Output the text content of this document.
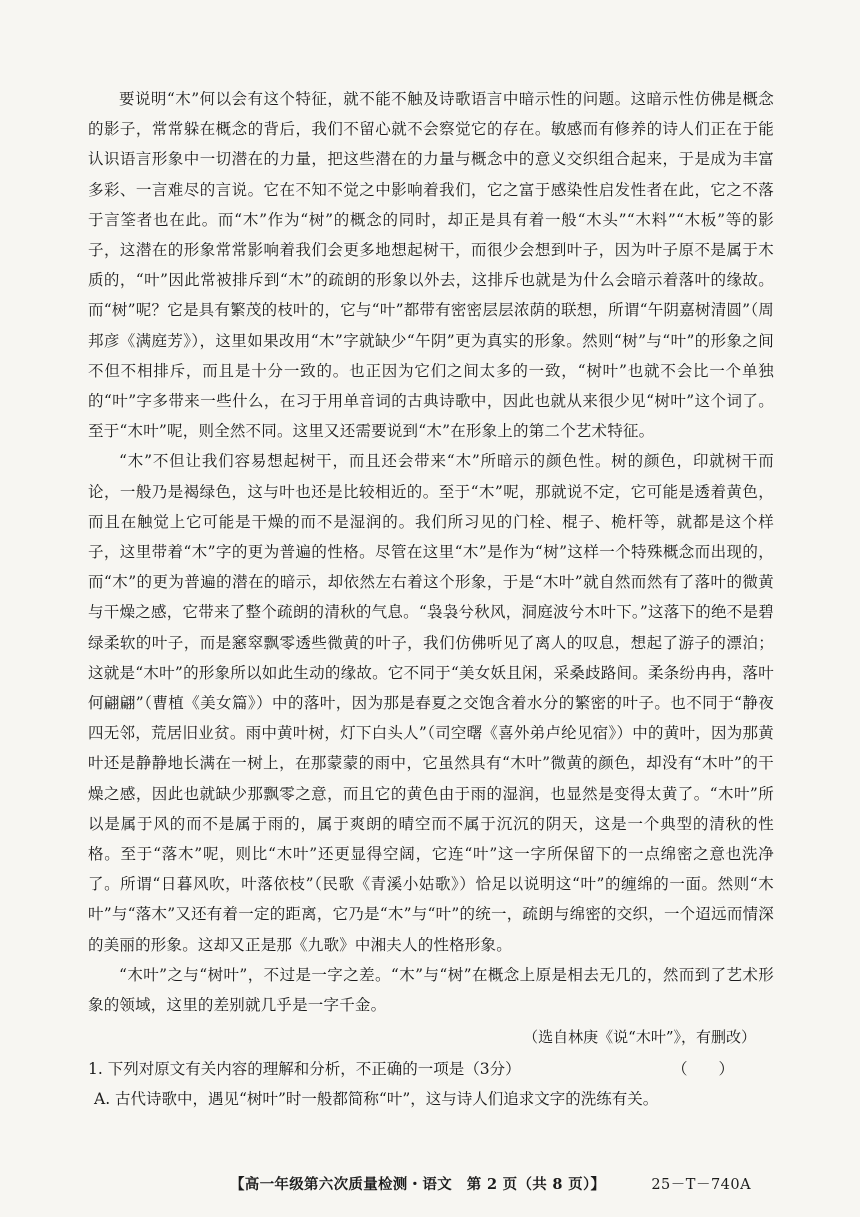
要说明“木”何以会有这个特征，就不能不触及诗歌语言中暗示性的问题。这暗示性仿佛是概念的影子，常常躲在概念的背后，我们不留心就不会察觉它的存在。敏感而有修养的诗人们正在于能认识语言形象中一切潜在的力量，把这些潜在的力量与概念中的意义交织组合起来，于是成为丰富多彩、一言难尽的言说。它在不知不觉之中影响着我们，它之富于感染性启发性者在此，它之不落于言筌者也在此。而“木”作为“树”的概念的同时，却正是具有着一般“木头”“木料”“木板”等的影子，这潜在的形象常常影响着我们会更多地想起树干，而很少会想到叶子，因为叶子原不是属于木质的，“叶”因此常被排斥到“木”的疏朗的形象以外去，这排斥也就是为什么会暗示着落叶的缘故。而“树”呢？它是具有繁茂的枝叶的，它与“叶”都带有密密层层浓荫的联想，所谓“午阴嘉树清圆”（周邦彦《满庭芳》），这里如果改用“木”字就缺少“午阴”更为真实的形象。然则“树”与“叶”的形象之间不但不相排斥，而且是十分一致的。也正因为它们之间太多的一致，“树叶”也就不会比一个单独的“叶”字多带来一些什么，在习于用单音词的古典诗歌中，因此也就从来很少见“树叶”这个词了。至于“木叶”呢，则全然不同。这里又还需要说到“木”在形象上的第二个艺术特征。

“木”不但让我们容易想起树干，而且还会带来“木”所暗示的颜色性。树的颜色，印就树干而论，一般乃是褐绿色，这与叶也还是比较相近的。至于“木”呢，那就说不定，它可能是透着黄色，而且在触觉上它可能是干燥的而不是湿润的。我们所习见的门栓、棍子、桅杆等，就都是这个样子，这里带着“木”字的更为普遍的性格。尽管在这里“木”是作为“树”这样一个特殊概念而出现的，而“木”的更为普遍的潜在的暗示，却依然左右着这个形象，于是“木叶”就自然而然有了落叶的微黄与干燥之感，它带来了整个疏朗的清秋的气息。“袅袅兮秋风，洞庭波兮木叶下。”这落下的绝不是碧绿柔软的叶子，而是窸窣飘零透些微黄的叶子，我们仿佛听见了离人的叹息，想起了游子的漂泊；这就是“木叶”的形象所以如此生动的缘故。它不同于“美女妖且闲，采桑歧路间。柔条纷冉冉，落叶何翩翩”（曹植《美女篇》）中的落叶，因为那是春夏之交饱含着水分的繁密的叶子。也不同于“静夜四无邻，荒居旧业贫。雨中黄叶树，灯下白头人”（司空曙《喜外弟卢纶见宿》）中的黄叶，因为那黄叶还是静静地长满在一树上，在那蒙蒙的雨中，它虽然具有“木叶”微黄的颜色，却没有“木叶”的干燥之感，因此也就缺少那飘零之意，而且它的黄色由于雨的湿润，也显然是变得太黄了。“木叶”所以是属于风的而不是属于雨的，属于爽朗的晴空而不属于沉沉的阴天，这是一个典型的清秋的性格。至于“落木”呢，则比“木叶”还更显得空阔，它连“叶”这一字所保留下的一点绵密之意也洗净了。所谓“日暮风吹，叶落依枝”（民歌《青溪小姑歌》）恰足以说明这“叶”的缠绵的一面。然则“木叶”与“落木”又还有着一定的距离，它乃是“木”与“叶”的统一，疏朗与绵密的交织，一个迢远而情深的美丽的形象。这却又正是那《九歌》中湘夫人的性格形象。

“木叶”之与“树叶”，不过是一字之差。“木”与“树”在概念上原是相去无几的，然而到了艺术形象的领域，这里的差别就几乎是一字千金。

（选自林庚《说“木叶”》，有删改）
1. 下列对原文有关内容的理解和分析，不正确的一项是（3分）	（　　）
A. 古代诗歌中，遇见“树叶”时一般都简称“叶”，这与诗人们追求文字的洗练有关。
【高一年级第六次质量检测・语文　第 2 页（共 8 页）】	25－T－740A
